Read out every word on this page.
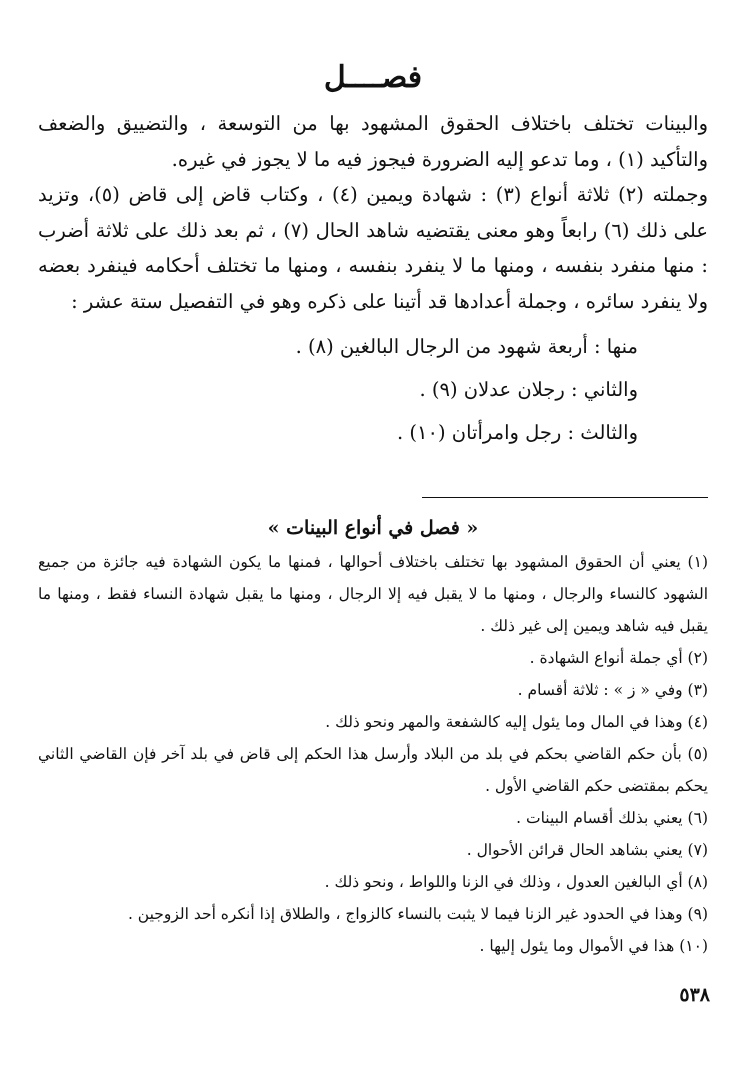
فصــــل

والبينات تختلف باختلاف الحقوق المشهود بها من التوسعة ، والتضييق والضعف والتأكيد (١) ، وما تدعو إليه الضرورة فيجوز فيه ما لا يجوز في غيره.

وجملته (٢) ثلاثة أنواع (٣) : شهادة ويمين (٤) ، وكتاب قاض إلى قاض (٥)، وتزيد على ذلك (٦) رابعاً وهو معنى يقتضيه شاهد الحال (٧) ، ثم بعد ذلك على ثلاثة أضرب : منها منفرد بنفسه ، ومنها ما لا ينفرد بنفسه ، ومنها ما تختلف أحكامه فينفرد بعضه ولا ينفرد سائره ، وجملة أعدادها قد أتينا على ذكره وهو في التفصيل ستة عشر :

منها : أربعة شهود من الرجال البالغين (٨) .

والثاني : رجلان عدلان (٩) .

والثالث : رجل وامرأتان (١٠) .

« فصل في أنواع البينات »

(١) يعني أن الحقوق المشهود بها تختلف باختلاف أحوالها ، فمنها ما يكون الشهادة فيه جائزة من جميع الشهود كالنساء والرجال ، ومنها ما لا يقبل فيه إلا الرجال ، ومنها ما يقبل شهادة النساء فقط ، ومنها ما يقبل فيه شاهد ويمين إلى غير ذلك .

(٢) أي جملة أنواع الشهادة .

(٣) وفي « ز » : ثلاثة أقسام .

(٤) وهذا في المال وما يئول إليه كالشفعة والمهر ونحو ذلك .

(٥) بأن حكم القاضي بحكم في بلد من البلاد وأرسل هذا الحكم إلى قاض في بلد آخر فإن القاضي الثاني يحكم بمقتضى حكم القاضي الأول .

(٦) يعني بذلك أقسام البينات .

(٧) يعني بشاهد الحال قرائن الأحوال .

(٨) أي البالغين العدول ، وذلك في الزنا واللواط ، ونحو ذلك .

(٩) وهذا في الحدود غير الزنا فيما لا يثبت بالنساء كالزواج ، والطلاق إذا أنكره أحد الزوجين .

(١٠) هذا في الأموال وما يئول إليها .

٥٣٨
